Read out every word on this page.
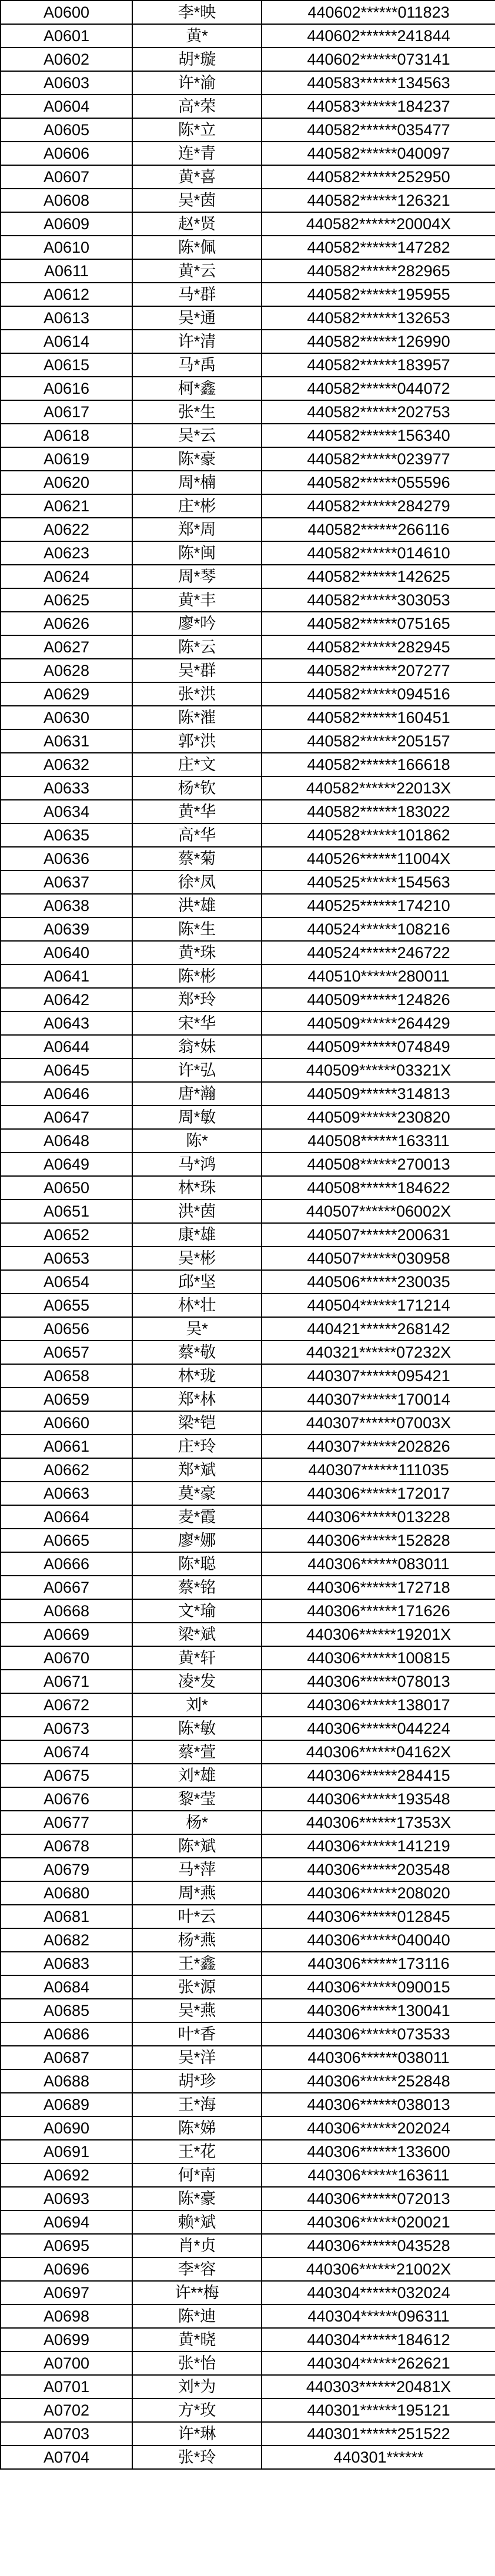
A0600	李*映	440602******011823
A0601	黄*	440602******241844
A0602	胡*璇	440602******073141
A0603	许*渝	440583******134563
A0604	高*荣	440583******184237
A0605	陈*立	440582******035477
A0606	连*青	440582******040097
A0607	黄*喜	440582******252950
A0608	吴*茵	440582******126321
A0609	赵*贤	440582******20004X
A0610	陈*佩	440582******147282
A0611	黄*云	440582******282965
A0612	马*群	440582******195955
A0613	吴*通	440582******132653
A0614	许*清	440582******126990
A0615	马*禹	440582******183957
A0616	柯*鑫	440582******044072
A0617	张*生	440582******202753
A0618	吴*云	440582******156340
A0619	陈*豪	440582******023977
A0620	周*楠	440582******055596
A0621	庄*彬	440582******284279
A0622	郑*周	440582******266116
A0623	陈*闽	440582******014610
A0624	周*琴	440582******142625
A0625	黄*丰	440582******303053
A0626	廖*吟	440582******075165
A0627	陈*云	440582******282945
A0628	吴*群	440582******207277
A0629	张*洪	440582******094516
A0630	陈*漼	440582******160451
A0631	郭*洪	440582******205157
A0632	庄*文	440582******166618
A0633	杨*钦	440582******22013X
A0634	黄*华	440582******183022
A0635	高*华	440528******101862
A0636	蔡*菊	440526******11004X
A0637	徐*凤	440525******154563
A0638	洪*雄	440525******174210
A0639	陈*生	440524******108216
A0640	黄*珠	440524******246722
A0641	陈*彬	440510******280011
A0642	郑*玲	440509******124826
A0643	宋*华	440509******264429
A0644	翁*妹	440509******074849
A0645	许*弘	440509******03321X
A0646	唐*瀚	440509******314813
A0647	周*敏	440509******230820
A0648	陈*	440508******163311
A0649	马*鸿	440508******270013
A0650	林*珠	440508******184622
A0651	洪*茵	440507******06002X
A0652	康*雄	440507******200631
A0653	吴*彬	440507******030958
A0654	邱*坚	440506******230035
A0655	林*壮	440504******171214
A0656	吴*	440421******268142
A0657	蔡*敬	440321******07232X
A0658	林*珑	440307******095421
A0659	郑*林	440307******170014
A0660	梁*铠	440307******07003X
A0661	庄*玲	440307******202826
A0662	郑*斌	440307******111035
A0663	莫*豪	440306******172017
A0664	麦*霞	440306******013228
A0665	廖*娜	440306******152828
A0666	陈*聪	440306******083011
A0667	蔡*铭	440306******172718
A0668	文*瑜	440306******171626
A0669	梁*斌	440306******19201X
A0670	黄*轩	440306******100815
A0671	凌*发	440306******078013
A0672	刘*	440306******138017
A0673	陈*敏	440306******044224
A0674	蔡*萱	440306******04162X
A0675	刘*雄	440306******284415
A0676	黎*莹	440306******193548
A0677	杨*	440306******17353X
A0678	陈*斌	440306******141219
A0679	马*萍	440306******203548
A0680	周*燕	440306******208020
A0681	叶*云	440306******012845
A0682	杨*燕	440306******040040
A0683	王*鑫	440306******173116
A0684	张*源	440306******090015
A0685	吴*燕	440306******130041
A0686	叶*香	440306******073533
A0687	吴*洋	440306******038011
A0688	胡*珍	440306******252848
A0689	王*海	440306******038013
A0690	陈*娣	440306******202024
A0691	王*花	440306******133600
A0692	何*南	440306******163611
A0693	陈*豪	440306******072013
A0694	赖*斌	440306******020021
A0695	肖*贞	440306******043528
A0696	李*容	440306******21002X
A0697	许**梅	440304******032024
A0698	陈*迪	440304******096311
A0699	黄*晓	440304******184612
A0700	张*怡	440304******262621
A0701	刘*为	440303******20481X
A0702	方*玫	440301******195121
A0703	许*琳	440301******251522
A0704	张*玲	440301******
